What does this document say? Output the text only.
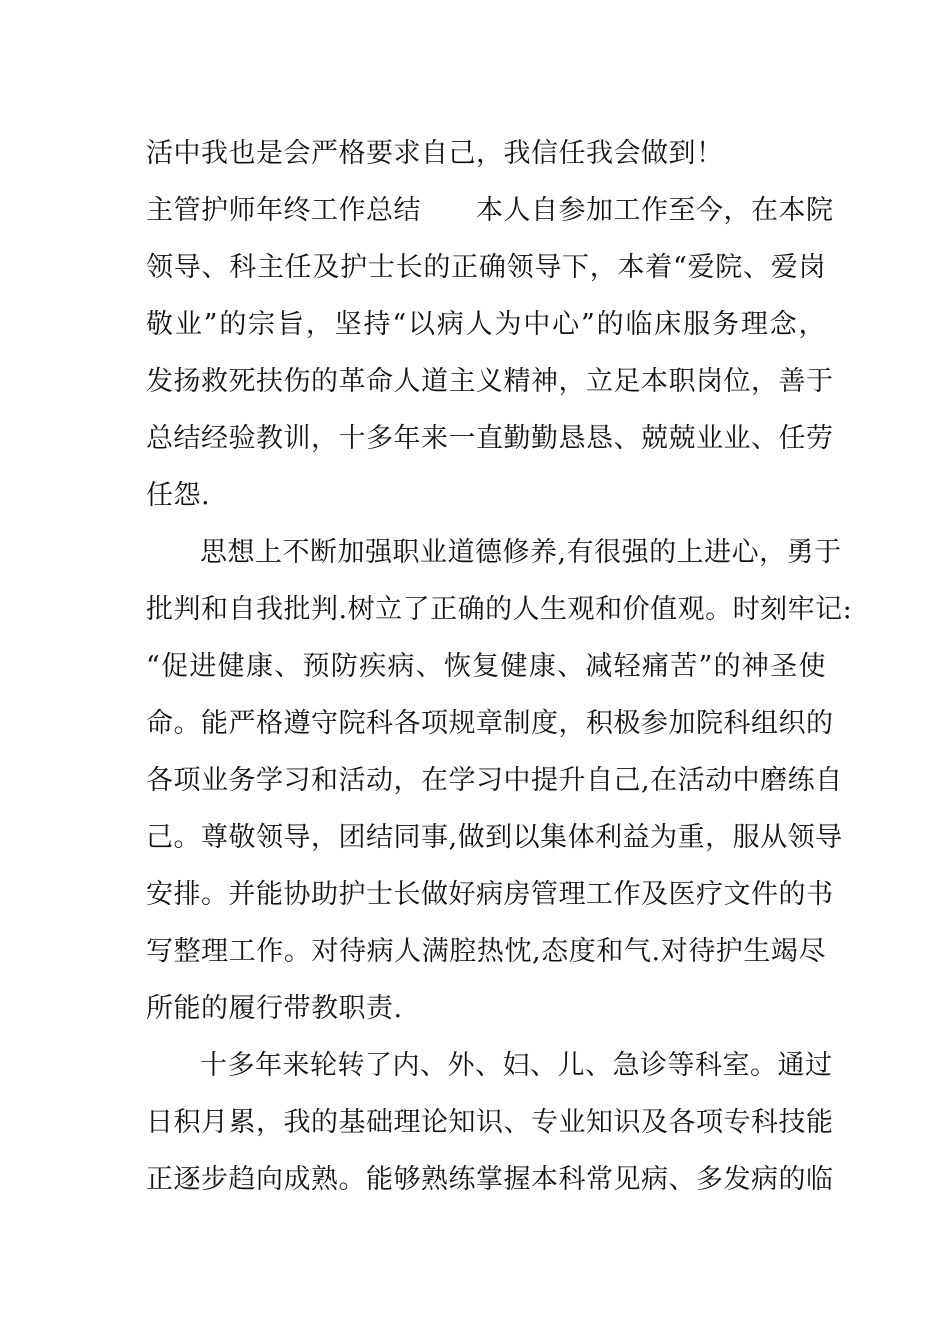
活中我也是会严格要求自己，我信任我会做到！
主管护师年终工作总结　　本人自参加工作至今，在本院
领导、科主任及护士长的正确领导下，本着“爱院、爱岗
敬业”的宗旨，坚持“以病人为中心”的临床服务理念，
发扬救死扶伤的革命人道主义精神，立足本职岗位，善于
总结经验教训，十多年来一直勤勤恳恳、兢兢业业、任劳
任怨.
思想上不断加强职业道德修养,有很强的上进心，勇于
批判和自我批判.树立了正确的人生观和价值观。时刻牢记:
“促进健康、预防疾病、恢复健康、减轻痛苦”的神圣使
命。能严格遵守院科各项规章制度，积极参加院科组织的
各项业务学习和活动，在学习中提升自己,在活动中磨练自
己。尊敬领导，团结同事,做到以集体利益为重，服从领导
安排。并能协助护士长做好病房管理工作及医疗文件的书
写整理工作。对待病人满腔热忱,态度和气.对待护生竭尽
所能的履行带教职责.
十多年来轮转了内、外、妇、儿、急诊等科室。通过
日积月累，我的基础理论知识、专业知识及各项专科技能
正逐步趋向成熟。能够熟练掌握本科常见病、多发病的临
